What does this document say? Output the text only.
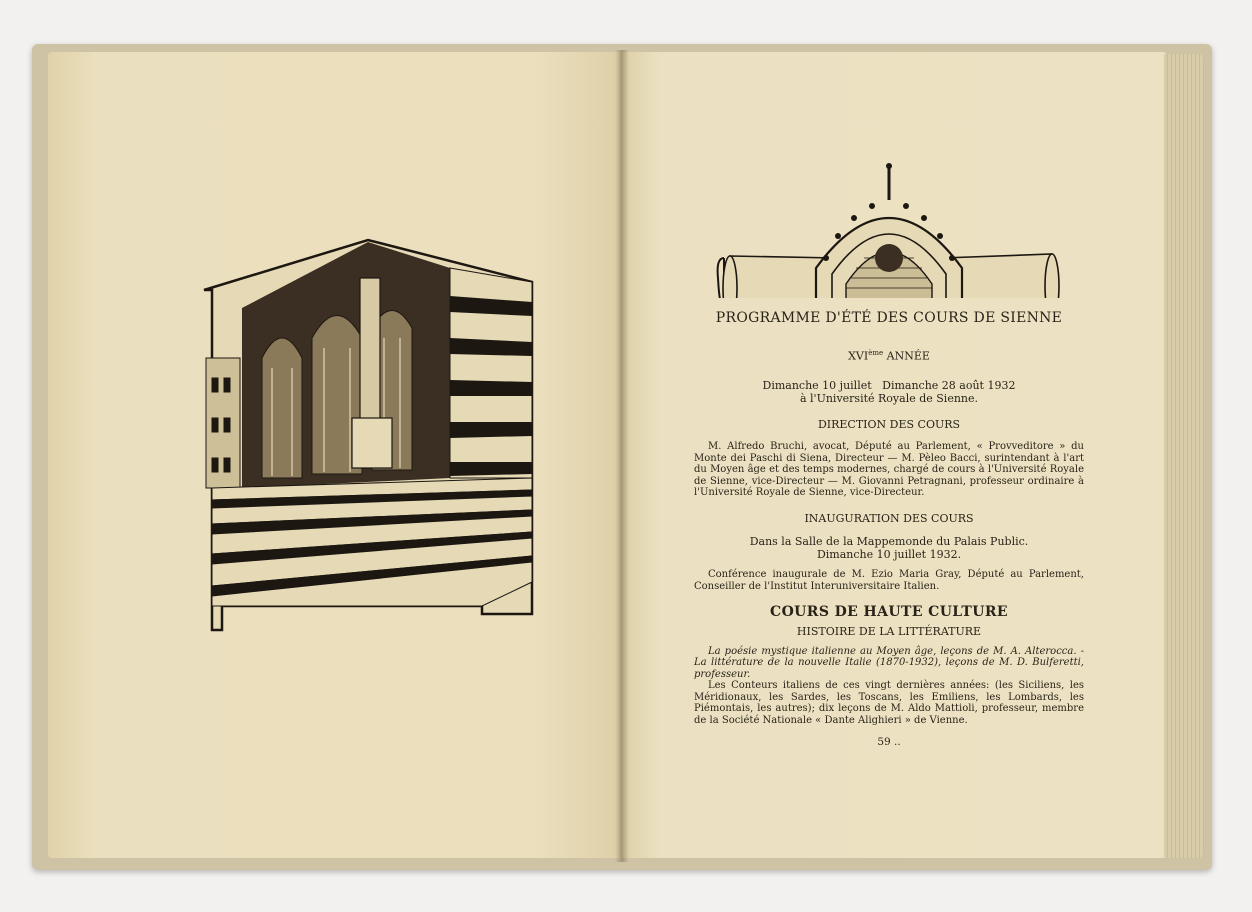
PROGRAMME D'ÉTÉ DES COURS DE SIENNE
XVIème ANNÉE
Dimanche 10 juillet   Dimanche 28 août 1932
à l'Université Royale de Sienne.
DIRECTION DES COURS

M. Alfredo Bruchi, avocat, Député au Parlement, « Provveditore » du Monte dei Paschi di Siena, Directeur — M. Pèleo Bacci, surintendant à l'art du Moyen âge et des temps modernes, chargé de cours à l'Université Royale de Sienne, vice-Directeur — M. Giovanni Petragnani, professeur ordinaire à l'Université Royale de Sienne, vice-Directeur.

INAUGURATION DES COURS
Dans la Salle de la Mappemonde du Palais Public.
Dimanche 10 juillet 1932.

Conférence inaugurale de M. Ezio Maria Gray, Député au Parlement, Conseiller de l'Institut Interuniversitaire Italien.

COURS DE HAUTE CULTURE
HISTOIRE DE LA LITTÉRATURE

La poésie mystique italienne au Moyen âge, leçons de M. A. Alterocca. - La littérature de la nouvelle Italie (1870-1932), leçons de M. D. Bulferetti, professeur.

Les Conteurs italiens de ces vingt dernières années: (les Siciliens, les Méridionaux, les Sardes, les Toscans, les Emiliens, les Lombards, les Piémontais, les autres); dix leçons de M. Aldo Mattioli, professeur, membre de la Société Nationale « Dante Alighieri » de Vienne.

59 ..
